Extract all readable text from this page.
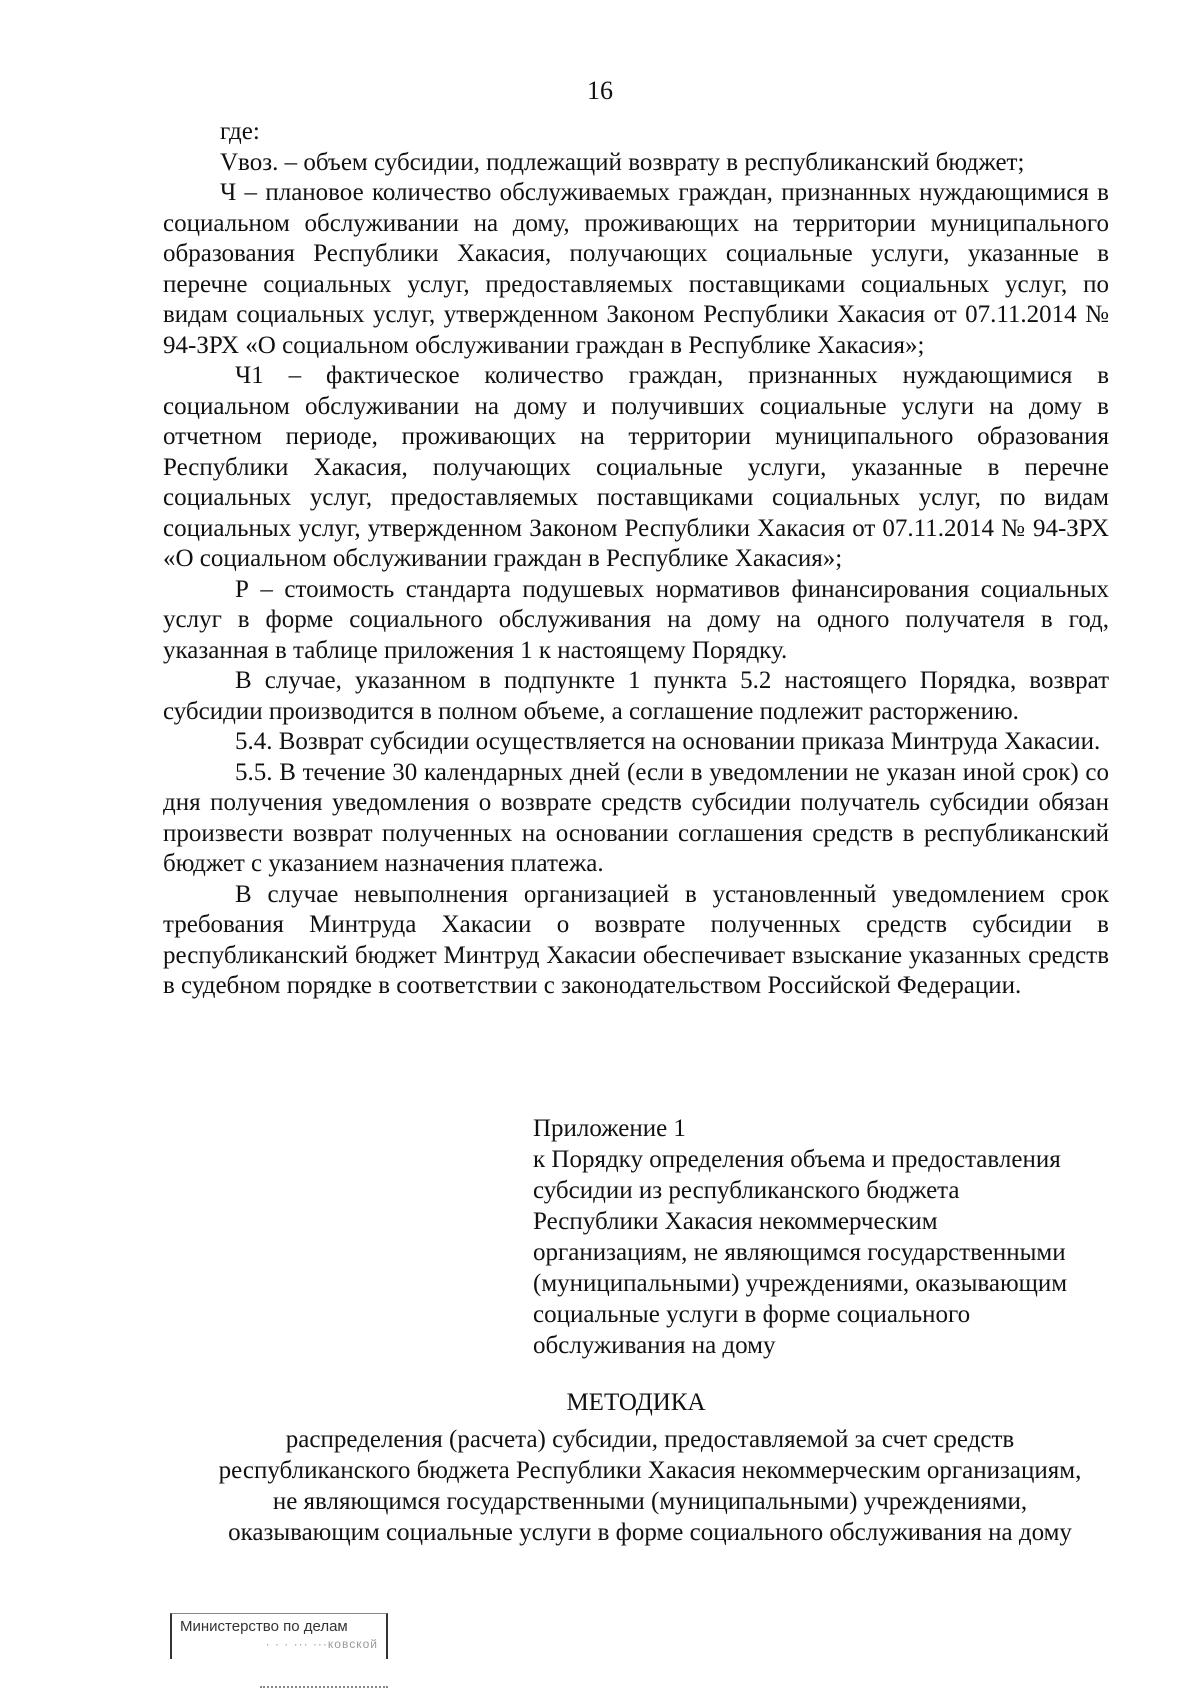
16

где:

Vвоз. – объем субсидии, подлежащий возврату в республиканский бюджет;

Ч – плановое количество обслуживаемых граждан, признанных нуждающимися в социальном обслуживании на дому, проживающих на территории муниципального образования Республики Хакасия, получающих социальные услуги, указанные в перечне социальных услуг, предоставляемых поставщиками социальных услуг, по видам социальных услуг, утвержденном Законом Республики Хакасия от 07.11.2014 № 94-ЗРХ «О социальном обслуживании граждан в Республике Хакасия»;

Ч1 – фактическое количество граждан, признанных нуждающимися в социальном обслуживании на дому и получивших социальные услуги на дому в отчетном периоде, проживающих на территории муниципального образования Республики Хакасия, получающих социальные услуги, указанные в перечне социальных услуг, предоставляемых поставщиками социальных услуг, по видам социальных услуг, утвержденном Законом Республики Хакасия от 07.11.2014 № 94-ЗРХ «О социальном обслуживании граждан в Республике Хакасия»;

Р – стоимость стандарта подушевых нормативов финансирования социальных услуг в форме социального обслуживания на дому на одного получателя в год, указанная в таблице приложения 1 к настоящему Порядку.

В случае, указанном в подпункте 1 пункта 5.2 настоящего Порядка, возврат субсидии производится в полном объеме, а соглашение подлежит расторжению.

5.4. Возврат субсидии осуществляется на основании приказа Минтруда Хакасии.

5.5. В течение 30 календарных дней (если в уведомлении не указан иной срок) со дня получения уведомления о возврате средств субсидии получатель субсидии обязан произвести возврат полученных на основании соглашения средств в республиканский бюджет с указанием назначения платежа.

В случае невыполнения организацией в установленный уведомлением срок требования Минтруда Хакасии о возврате полученных средств субсидии в республиканский бюджет Минтруд Хакасии обеспечивает взыскание указанных средств в судебном порядке в соответствии с законодательством Российской Федерации.

Приложение 1
к Порядку определения объема и предоставления
субсидии из республиканского бюджета
Республики Хакасия некоммерческим
организациям, не являющимся государственными
(муниципальными) учреждениями, оказывающим
социальные услуги в форме социального
обслуживания на дому
МЕТОДИКА
распределения (расчета) субсидии, предоставляемой за счет средств
республиканского бюджета Республики Хакасия некоммерческим организациям,
не являющимся государственными (муниципальными) учреждениями,
оказывающим социальные услуги в форме социального обслуживания на дому
Министерство по делам
· · · ··· ···ковской
